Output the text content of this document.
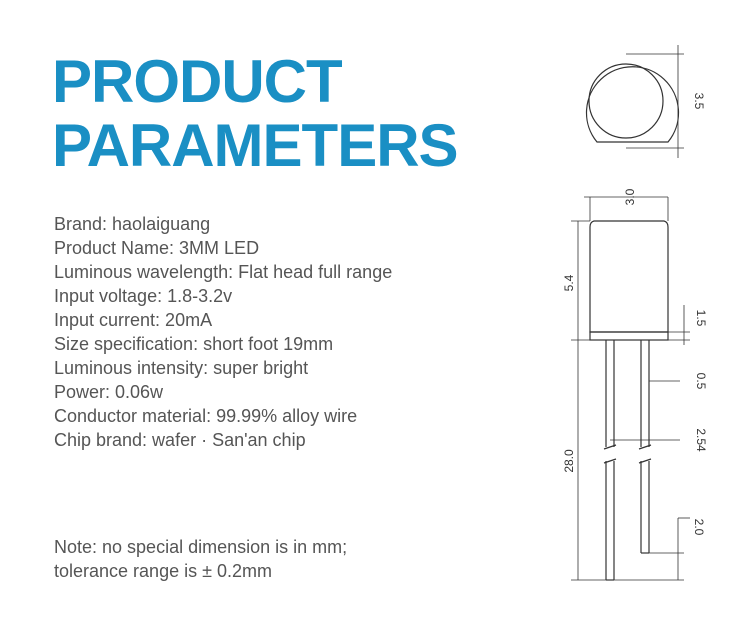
PRODUCT
PARAMETERS
Brand: haolaiguang
Product Name: 3MM LED
Luminous wavelength: Flat head full range
Input voltage: 1.8-3.2v
Input current: 20mA
Size specification: short foot 19mm
Luminous intensity: super bright
Power: 0.06w
Conductor material: 99.99% alloy wire
Chip brand: wafer · San'an chip
Note: no special dimension is in mm;
tolerance range is ± 0.2mm
3.5
3.0
5.4
1.5
0.5
2.54
28.0
2.0
